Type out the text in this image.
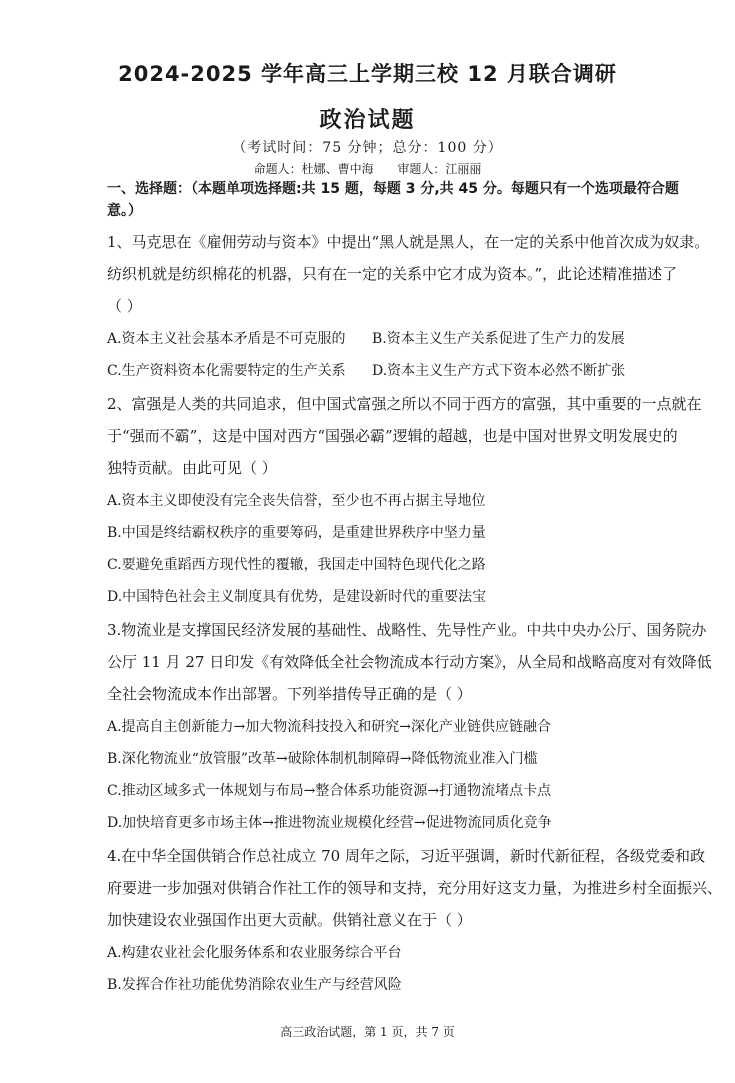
2024-2025 学年高三上学期三校 12 月联合调研
政治试题
（考试时间：75 分钟；总分：100 分）
命题人：杜娜、曹中海 审题人：江丽丽
一、选择题：（本题单项选择题:共 15 题，每题 3 分,共 45 分。每题只有一个选项最符合题意。）
1、马克思在《雇佣劳动与资本》中提出“黑人就是黑人，在一定的关系中他首次成为奴隶。
纺织机就是纺织棉花的机器，只有在一定的关系中它才成为资本。”，此论述精准描述了
（ ）
A.资本主义社会基本矛盾是不可克服的 B.资本主义生产关系促进了生产力的发展
C.生产资料资本化需要特定的生产关系 D.资本主义生产方式下资本必然不断扩张
2、富强是人类的共同追求，但中国式富强之所以不同于西方的富强，其中重要的一点就在
于“强而不霸”，这是中国对西方“国强必霸”逻辑的超越，也是中国对世界文明发展史的
独特贡献。由此可见（ ）
A.资本主义即使没有完全丧失信誉，至少也不再占据主导地位
B.中国是终结霸权秩序的重要筹码，是重建世界秩序中坚力量
C.要避免重蹈西方现代性的覆辙，我国走中国特色现代化之路
D.中国特色社会主义制度具有优势，是建设新时代的重要法宝
3.物流业是支撑国民经济发展的基础性、战略性、先导性产业。中共中央办公厅、国务院办
公厅 11 月 27 日印发《有效降低全社会物流成本行动方案》，从全局和战略高度对有效降低
全社会物流成本作出部署。下列举措传导正确的是（ ）
A.提高自主创新能力→加大物流科技投入和研究→深化产业链供应链融合
B.深化物流业“放管服”改革→破除体制机制障碍→降低物流业准入门槛
C.推动区域多式一体规划与布局→整合体系功能资源→打通物流堵点卡点
D.加快培育更多市场主体→推进物流业规模化经营→促进物流同质化竞争
4.在中华全国供销合作总社成立 70 周年之际，习近平强调，新时代新征程，各级党委和政
府要进一步加强对供销合作社工作的领导和支持，充分用好这支力量，为推进乡村全面振兴、
加快建设农业强国作出更大贡献。供销社意义在于（ ）
A.构建农业社会化服务体系和农业服务综合平台
B.发挥合作社功能优势消除农业生产与经营风险
高三政治试题，第 1 页，共 7 页
